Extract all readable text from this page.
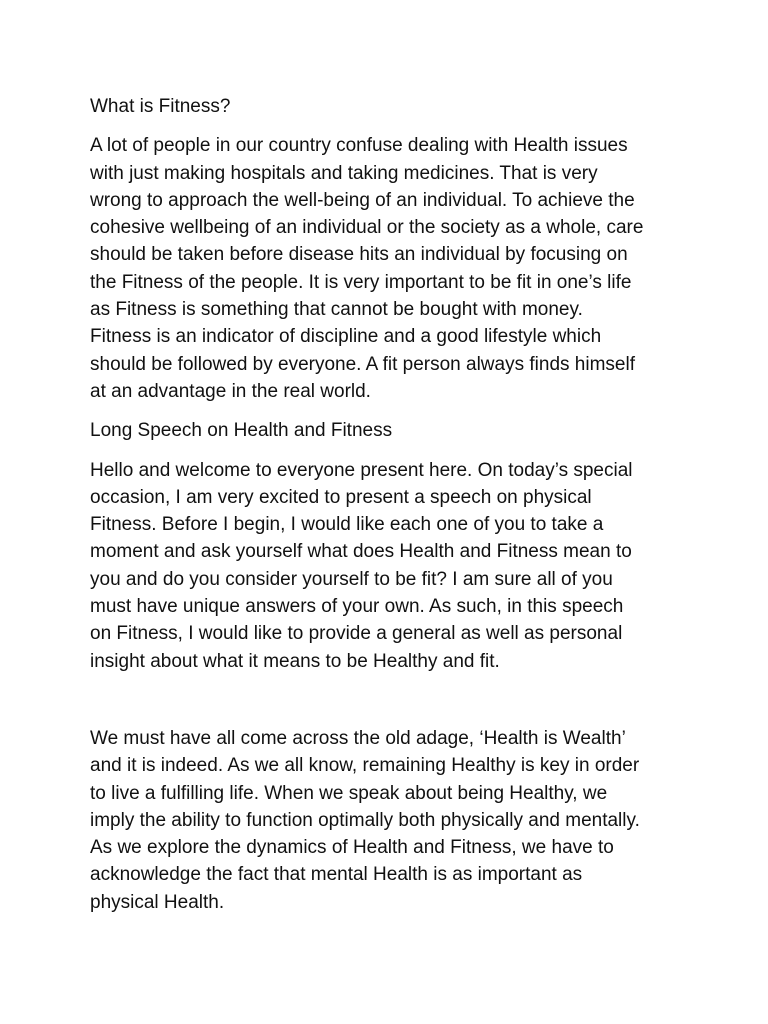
What is Fitness?

A lot of people in our country confuse dealing with Health issues
with just making hospitals and taking medicines. That is very
wrong to approach the well-being of an individual. To achieve the
cohesive wellbeing of an individual or the society as a whole, care
should be taken before disease hits an individual by focusing on
the Fitness of the people. It is very important to be fit in one’s life
as Fitness is something that cannot be bought with money.
Fitness is an indicator of discipline and a good lifestyle which
should be followed by everyone. A fit person always finds himself
at an advantage in the real world.

Long Speech on Health and Fitness

Hello and welcome to everyone present here. On today’s special
occasion, I am very excited to present a speech on physical
Fitness. Before I begin, I would like each one of you to take a
moment and ask yourself what does Health and Fitness mean to
you and do you consider yourself to be fit? I am sure all of you
must have unique answers of your own. As such, in this speech
on Fitness, I would like to provide a general as well as personal
insight about what it means to be Healthy and fit.

We must have all come across the old adage, ‘Health is Wealth’
and it is indeed. As we all know, remaining Healthy is key in order
to live a fulfilling life. When we speak about being Healthy, we
imply the ability to function optimally both physically and mentally.
As we explore the dynamics of Health and Fitness, we have to
acknowledge the fact that mental Health is as important as
physical Health.
